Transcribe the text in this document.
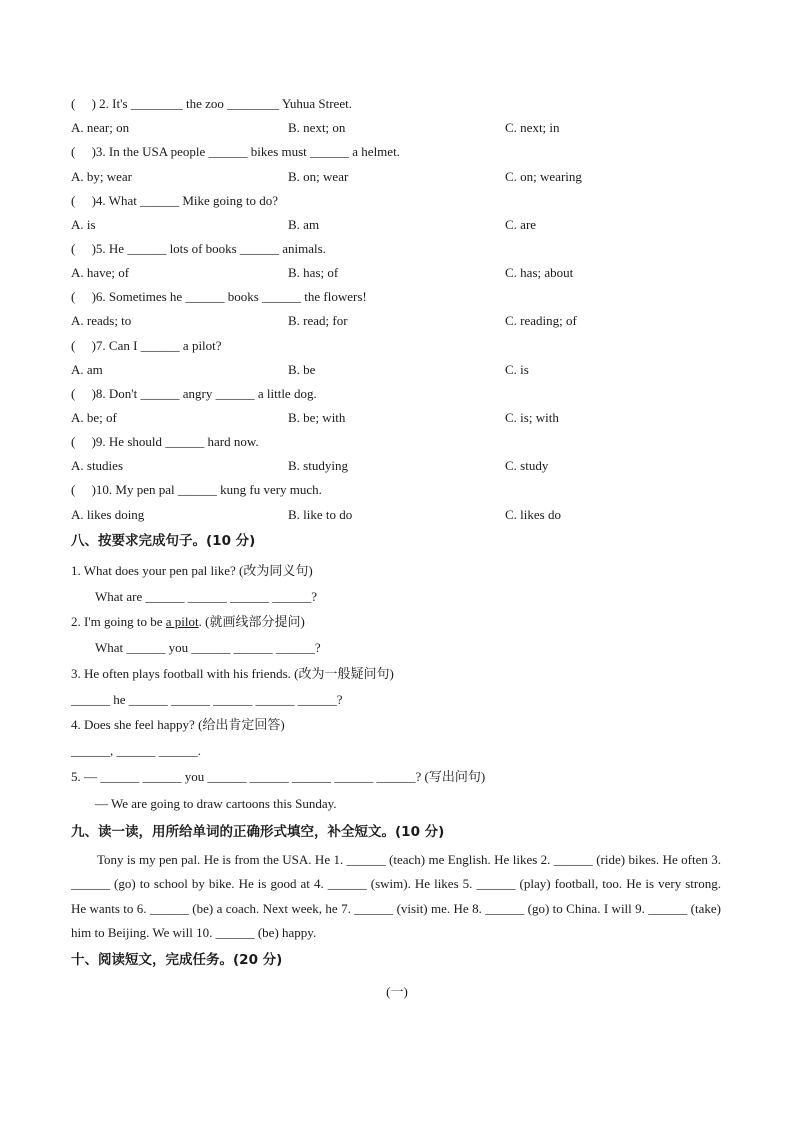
(     ) 2. It's ________ the zoo ________ Yuhua Street.
A. near; on	B. next; on	C. next; in
(     )3. In the USA people ______ bikes must ______ a helmet.
A. by; wear	B. on; wear	C. on; wearing
(     )4. What ______ Mike going to do?
A. is	B. am	C. are
(     )5. He ______ lots of books ______ animals.
A. have; of	B. has; of	C. has; about
(     )6. Sometimes he ______ books ______ the flowers!
A. reads; to	B. read; for	C. reading; of
(     )7. Can I ______ a pilot?
A. am	B. be	C. is
(     )8. Don't ______ angry ______ a little dog.
A. be; of	B. be; with	C. is; with
(     )9. He should ______ hard now.
A. studies	B. studying	C. study
(     )10. My pen pal ______ kung fu very much.
A. likes doing	B. like to do	C. likes do
八、按要求完成句子。(10 分)
1. What does your pen pal like? (改为同义句)
What are ______ ______ ______ ______?
2. I'm going to be a pilot. (就画线部分提问)
What ______ you ______ ______ ______?
3. He often plays football with his friends. (改为一般疑问句)
______ he ______ ______ ______ ______ ______?
4. Does she feel happy? (给出肯定回答)
______, ______ ______.
5. — ______ ______ you ______ ______ ______ ______ ______? (写出问句)
— We are going to draw cartoons this Sunday.
九、读一读，用所给单词的正确形式填空，补全短文。(10 分)

Tony is my pen pal. He is from the USA. He 1. ______ (teach) me English. He likes 2. ______ (ride) bikes. He often 3. ______ (go) to school by bike. He is good at 4. ______ (swim). He likes 5. ______ (play) football, too. He is very strong. He wants to 6. ______ (be) a coach. Next week, he 7. ______ (visit) me. He 8. ______ (go) to China. I will 9. ______ (take) him to Beijing. We will 10. ______ (be) happy.

十、阅读短文，完成任务。(20 分)
(一)
